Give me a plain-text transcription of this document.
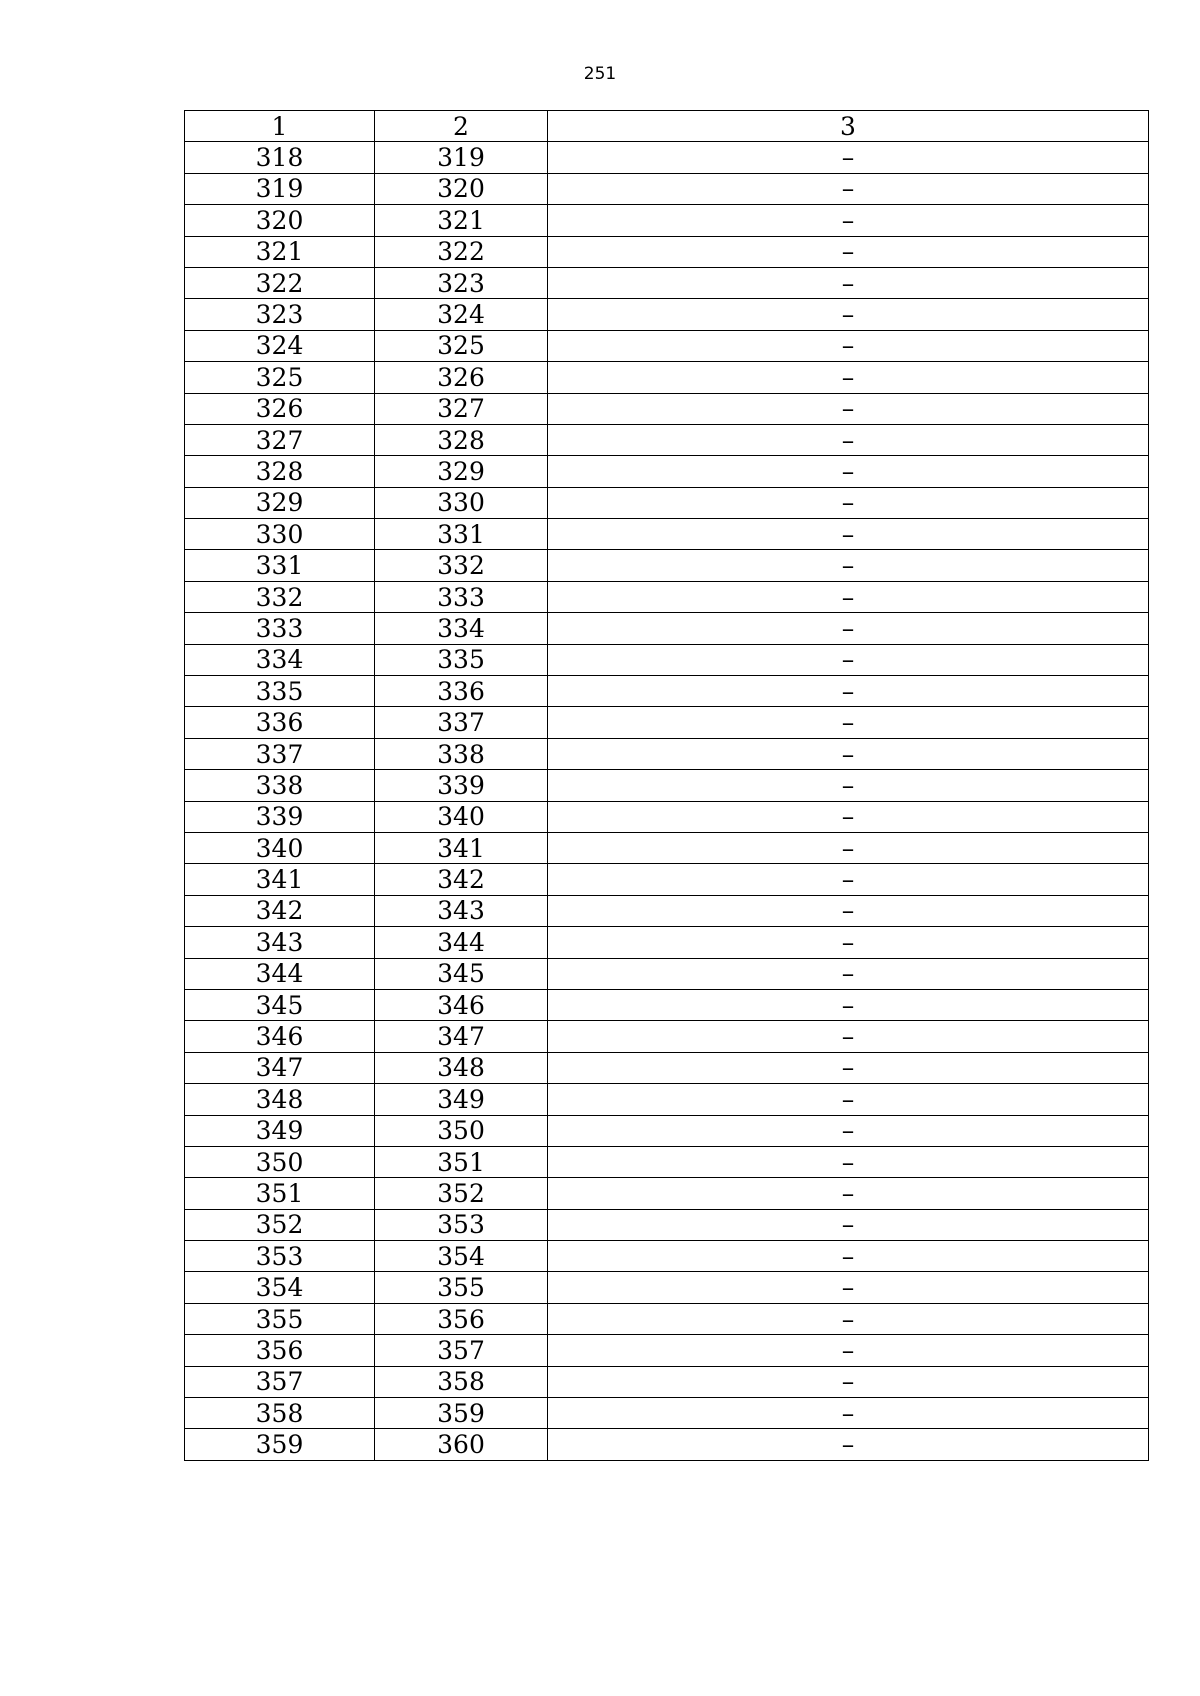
251
1	2	3
318	319	–
319	320	–
320	321	–
321	322	–
322	323	–
323	324	–
324	325	–
325	326	–
326	327	–
327	328	–
328	329	–
329	330	–
330	331	–
331	332	–
332	333	–
333	334	–
334	335	–
335	336	–
336	337	–
337	338	–
338	339	–
339	340	–
340	341	–
341	342	–
342	343	–
343	344	–
344	345	–
345	346	–
346	347	–
347	348	–
348	349	–
349	350	–
350	351	–
351	352	–
352	353	–
353	354	–
354	355	–
355	356	–
356	357	–
357	358	–
358	359	–
359	360	–
